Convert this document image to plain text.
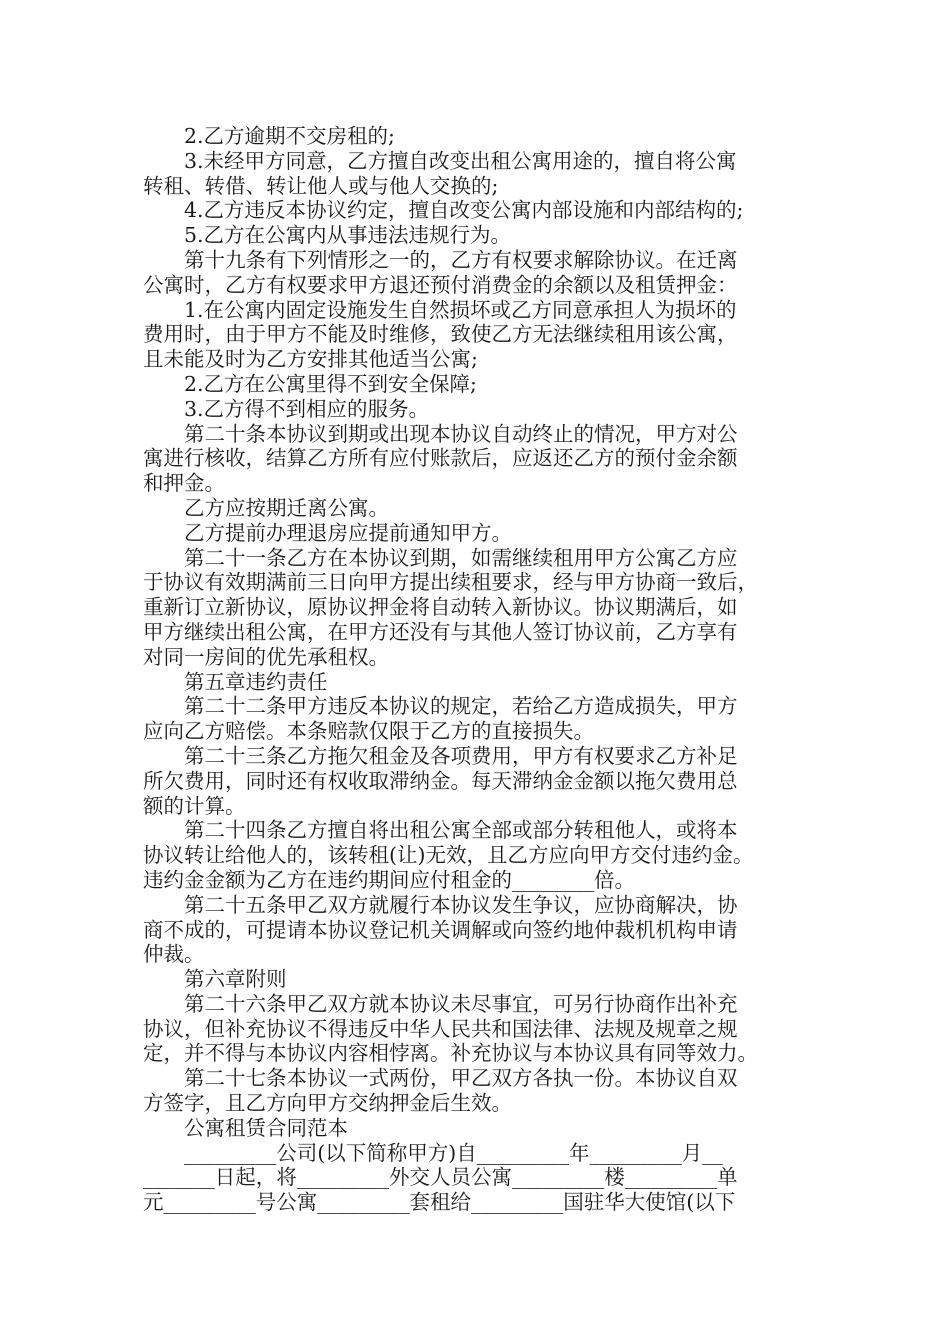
　　2.乙方逾期不交房租的;
　　3.未经甲方同意，乙方擅自改变出租公寓用途的，擅自将公寓
转租、转借、转让他人或与他人交换的;
　　4.乙方违反本协议约定，擅自改变公寓内部设施和内部结构的;
　　5.乙方在公寓内从事违法违规行为。
　　第十九条有下列情形之一的，乙方有权要求解除协议。在迁离
公寓时，乙方有权要求甲方退还预付消费金的余额以及租赁押金：
　　1.在公寓内固定设施发生自然损坏或乙方同意承担人为损坏的
费用时，由于甲方不能及时维修，致使乙方无法继续租用该公寓，
且未能及时为乙方安排其他适当公寓;
　　2.乙方在公寓里得不到安全保障;
　　3.乙方得不到相应的服务。
　　第二十条本协议到期或出现本协议自动终止的情况，甲方对公
寓进行核收，结算乙方所有应付账款后，应返还乙方的预付金余额
和押金。
　　乙方应按期迁离公寓。
　　乙方提前办理退房应提前通知甲方。
　　第二十一条乙方在本协议到期，如需继续租用甲方公寓乙方应
于协议有效期满前三日向甲方提出续租要求，经与甲方协商一致后，
重新订立新协议，原协议押金将自动转入新协议。协议期满后，如
甲方继续出租公寓，在甲方还没有与其他人签订协议前，乙方享有
对同一房间的优先承租权。
　　第五章违约责任
　　第二十二条甲方违反本协议的规定，若给乙方造成损失，甲方
应向乙方赔偿。本条赔款仅限于乙方的直接损失。
　　第二十三条乙方拖欠租金及各项费用，甲方有权要求乙方补足
所欠费用，同时还有权收取滞纳金。每天滞纳金金额以拖欠费用总
额的计算。
　　第二十四条乙方擅自将出租公寓全部或部分转租他人，或将本
协议转让给他人的，该转租(让)无效，且乙方应向甲方交付违约金。
违约金金额为乙方在违约期间应付租金的________倍。
　　第二十五条甲乙双方就履行本协议发生争议，应协商解决，协
商不成的，可提请本协议登记机关调解或向签约地仲裁机机构申请
仲裁。
　　第六章附则
　　第二十六条甲乙双方就本协议未尽事宜，可另行协商作出补充
协议，但补充协议不得违反中华人民共和国法律、法规及规章之规
定，并不得与本协议内容相悖离。补充协议与本协议具有同等效力。
　　第二十七条本协议一式两份，甲乙双方各执一份。本协议自双
方签字，且乙方向甲方交纳押金后生效。
　　公寓租赁合同范本
　　_________公司(以下简称甲方)自_________年_________月__
_______日起，将_________外交人员公寓_________楼_________单
元_________号公寓_________套租给_________国驻华大使馆(以下
